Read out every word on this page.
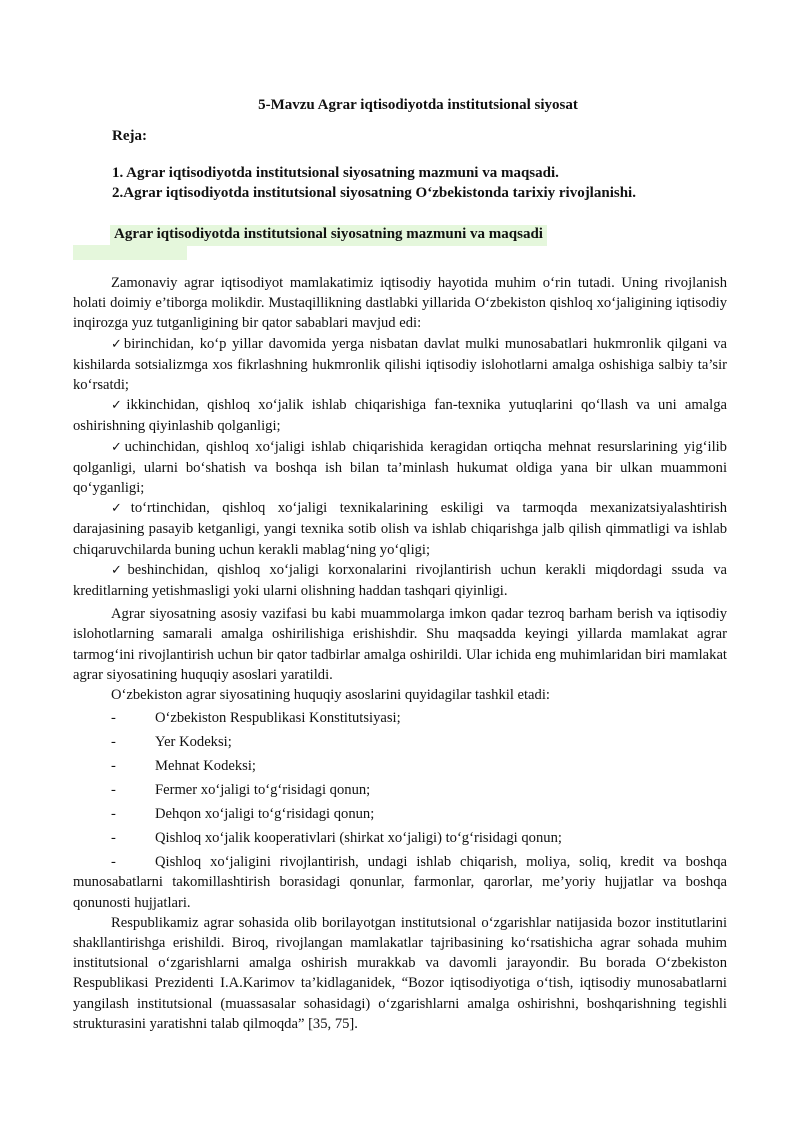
5-Mavzu Agrar iqtisodiyotda institutsional siyosat
Reja:
1. Agrar iqtisodiyotda institutsional siyosatning mazmuni va maqsadi.
2.Agrar iqtisodiyotda institutsional siyosatning O‘zbekistonda tarixiy rivojlanishi.
Agrar iqtisodiyotda institutsional siyosatning mazmuni va maqsadi

Zamonaviy agrar iqtisodiyot mamlakatimiz iqtisodiy hayotida muhim o‘rin tutadi. Uning rivojlanish holati doimiy e’tiborga molikdir. Mustaqillikning dastlabki yillarida O‘zbekiston qishloq xo‘jaligining iqtisodiy inqirozga yuz tutganligining bir qator sabablari mavjud edi:

✓birinchidan, ko‘p yillar davomida yerga nisbatan davlat mulki munosabatlari hukmronlik qilgani va kishilarda sotsializmga xos fikrlashning hukmronlik qilishi iqtisodiy islohotlarni amalga oshishiga salbiy ta’sir ko‘rsatdi;

✓ikkinchidan, qishloq xo‘jalik ishlab chiqarishiga fan-texnika yutuqlarini qo‘llash va uni amalga oshirishning qiyinlashib qolganligi;

✓uchinchidan, qishloq xo‘jaligi ishlab chiqarishida keragidan ortiqcha mehnat resurslarining yig‘ilib qolganligi, ularni bo‘shatish va boshqa ish bilan ta’minlash hukumat oldiga yana bir ulkan muammoni qo‘yganligi;

✓to‘rtinchidan, qishloq xo‘jaligi texnikalarining eskiligi va tarmoqda mexanizatsiyalashtirish darajasining pasayib ketganligi, yangi texnika sotib olish va ishlab chiqarishga jalb qilish qimmatligi va ishlab chiqaruvchilarda buning uchun kerakli mablag‘ning yo‘qligi;

✓beshinchidan, qishloq xo‘jaligi korxonalarini rivojlantirish uchun kerakli miqdordagi ssuda va kreditlarning yetishmasligi yoki ularni olishning haddan tashqari qiyinligi.

Agrar siyosatning asosiy vazifasi bu kabi muammolarga imkon qadar tezroq barham berish va iqtisodiy islohotlarning samarali amalga oshirilishiga erishishdir. Shu maqsadda keyingi yillarda mamlakat agrar tarmog‘ini rivojlantirish uchun bir qator tadbirlar amalga oshirildi. Ular ichida eng muhimlaridan biri mamlakat agrar siyosatining huquqiy asoslari yaratildi.

O‘zbekiston agrar siyosatining huquqiy asoslarini quyidagilar tashkil etadi:

-	O‘zbekiston Respublikasi Konstitutsiyasi;
-	Yer Kodeksi;
-	Mehnat Kodeksi;
-	Fermer xo‘jaligi to‘g‘risidagi qonun;
-	Dehqon xo‘jaligi to‘g‘risidagi qonun;
-	Qishloq xo‘jalik kooperativlari (shirkat xo‘jaligi) to‘g‘risidagi qonun;

-	Qishloq xo‘jaligini rivojlantirish, undagi ishlab chiqarish, moliya, soliq, kredit va boshqa munosabatlarni takomillashtirish borasidagi qonunlar, farmonlar, qarorlar, me’yoriy hujjatlar va boshqa qonunosti hujjatlari.

Respublikamiz agrar sohasida olib borilayotgan institutsional o‘zgarishlar natijasida bozor institutlarini shakllantirishga erishildi. Biroq, rivojlangan mamlakatlar tajribasining ko‘rsatishicha agrar sohada muhim institutsional o‘zgarishlarni amalga oshirish murakkab va davomli jarayondir. Bu borada O‘zbekiston Respublikasi Prezidenti I.A.Karimov ta’kidlaganidek, “Bozor iqtisodiyotiga o‘tish, iqtisodiy munosabatlarni yangilash institutsional (muassasalar sohasidagi) o‘zgarishlarni amalga oshirishni, boshqarishning tegishli strukturasini yaratishni talab qilmoqda” [35, 75].
